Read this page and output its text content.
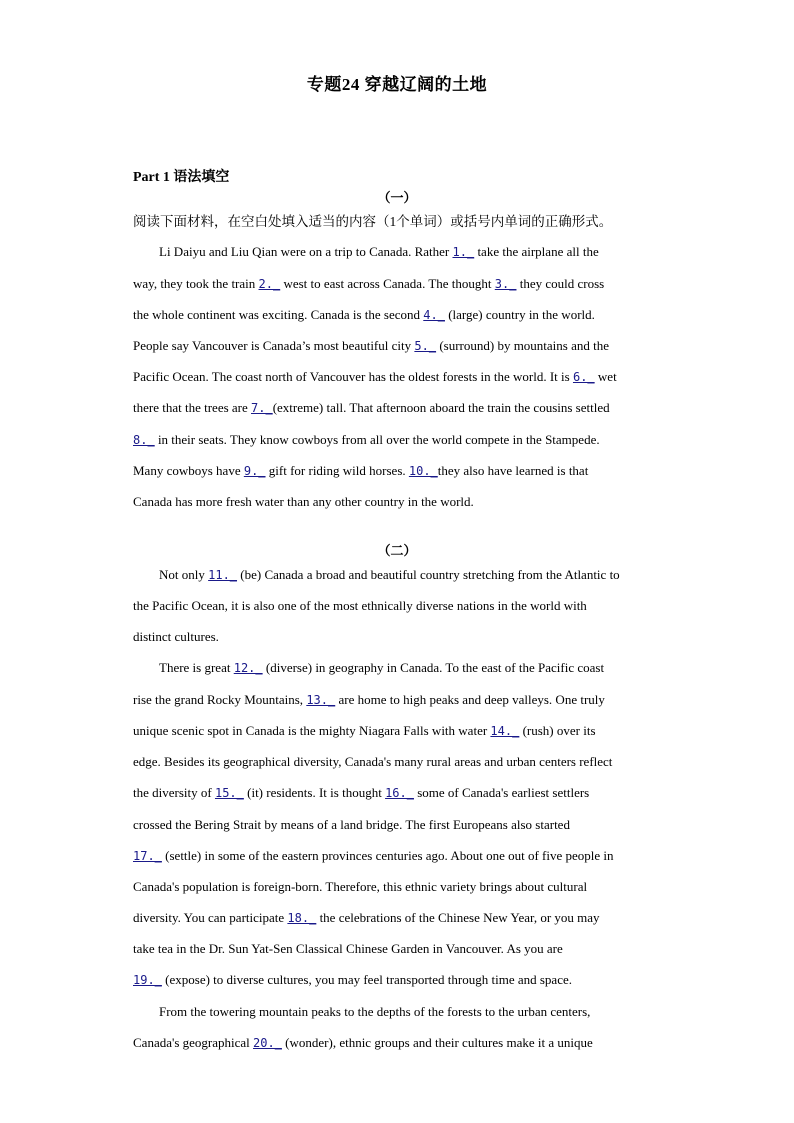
专题24 穿越辽阔的土地
Part 1 语法填空
（一）
阅读下面材料，在空白处填入适当的内容（1个单词）或括号内单词的正确形式。
（二）
Li Daiyu and Liu Qian were on a trip to Canada. Rather 1._ take the airplane all the
way, they took the train 2._ west to east across Canada. The thought 3._ they could cross
the whole continent was exciting. Canada is the second 4._ (large) country in the world.
People say Vancouver is Canada’s most beautiful city 5._ (surround) by mountains and the
Pacific Ocean. The coast north of Vancouver has the oldest forests in the world. It is 6._ wet
there that the trees are 7._(extreme) tall. That afternoon aboard the train the cousins settled
8._ in their seats. They know cowboys from all over the world compete in the Stampede.
Many cowboys have 9._ gift for riding wild horses. 10._they also have learned is that
Canada has more fresh water than any other country in the world.
Not only 11._ (be) Canada a broad and beautiful country stretching from the Atlantic to
the Pacific Ocean, it is also one of the most ethnically diverse nations in the world with
distinct cultures.
There is great 12._ (diverse) in geography in Canada. To the east of the Pacific coast
rise the grand Rocky Mountains, 13._ are home to high peaks and deep valleys. One truly
unique scenic spot in Canada is the mighty Niagara Falls with water 14._ (rush) over its
edge. Besides its geographical diversity, Canada's many rural areas and urban centers reflect
the diversity of 15._ (it) residents. It is thought 16._ some of Canada's earliest settlers
crossed the Bering Strait by means of a land bridge. The first Europeans also started
17._ (settle) in some of the eastern provinces centuries ago. About one out of five people in
Canada's population is foreign-born. Therefore, this ethnic variety brings about cultural
diversity. You can participate 18._ the celebrations of the Chinese New Year, or you may
take tea in the Dr. Sun Yat-Sen Classical Chinese Garden in Vancouver. As you are
19._ (expose) to diverse cultures, you may feel transported through time and space.
From the towering mountain peaks to the depths of the forests to the urban centers,
Canada's geographical 20._ (wonder), ethnic groups and their cultures make it a unique
